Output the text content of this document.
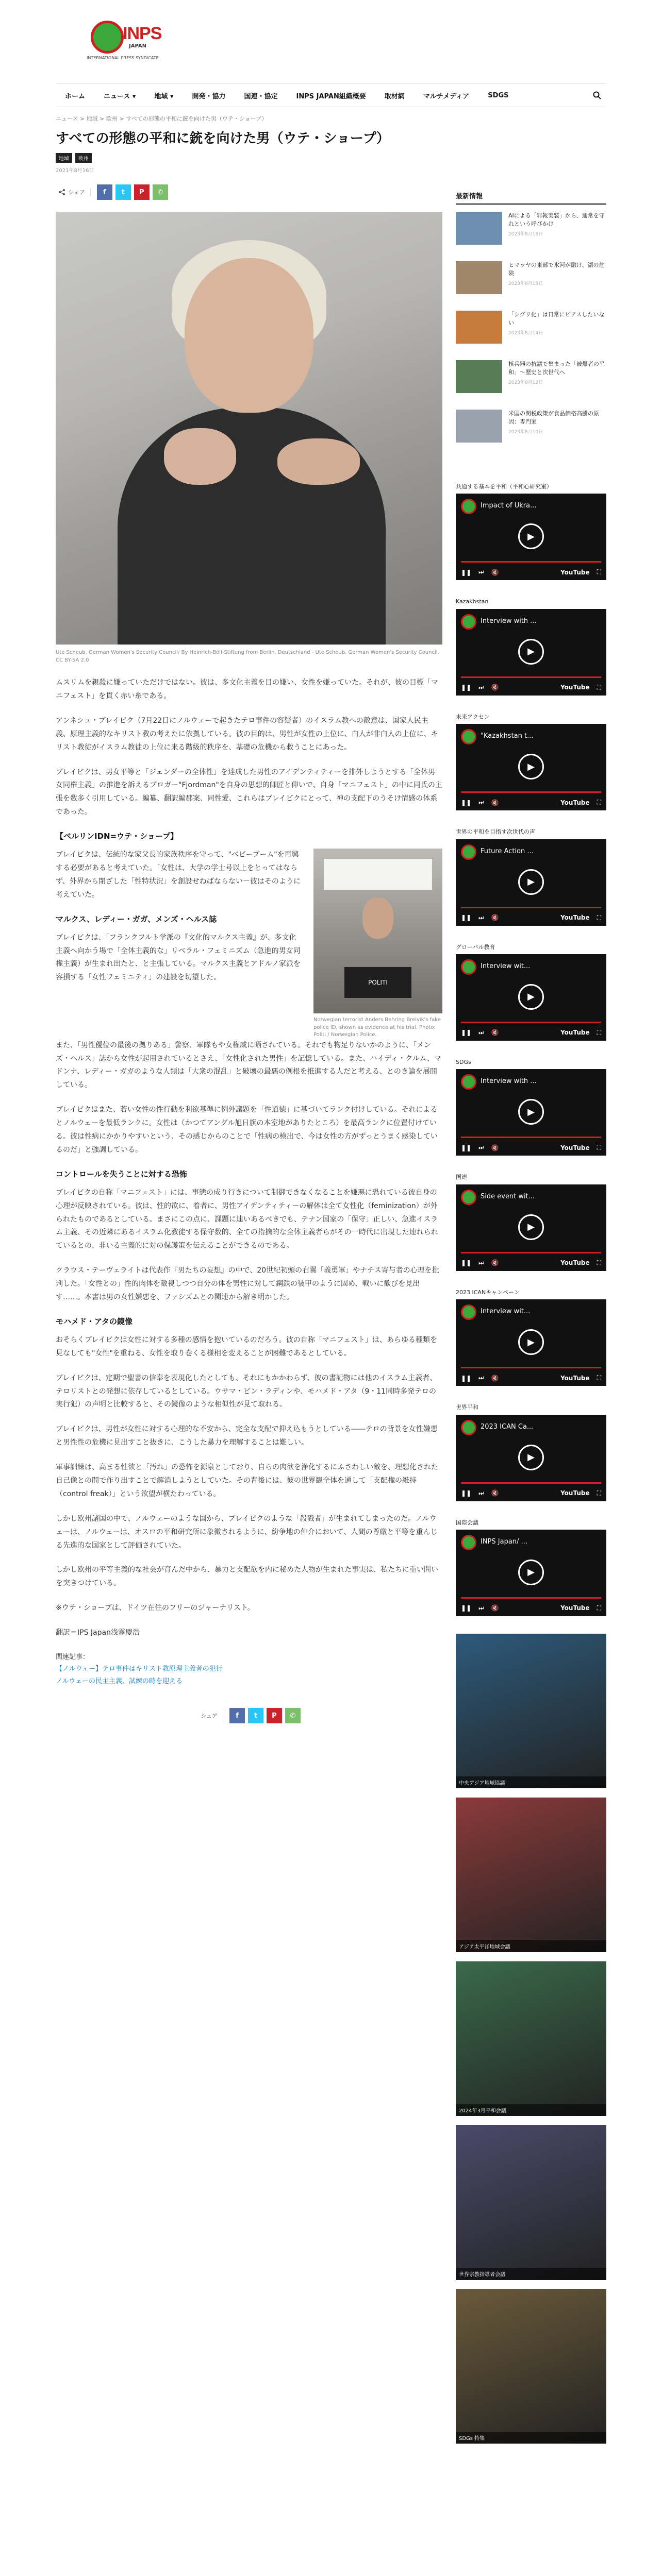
INPS
JAPAN
INTERNATIONAL PRESS SYNDICATE
ホーム	ニュース ▾	地域 ▾	開発・協力	国連・協定	INPS JAPAN組織概要	取材網	マルチメディア	SDGS
ニュース > 地域 > 欧州 > すべての形態の平和に銃を向けた男（ウテ・ショープ）
すべての形態の平和に銃を向けた男（ウテ・ショープ）
地域	欧州
2021年8月16日
シェア	f	t	P	✆
Ute Scheub, German Women's Security Council/ By Heinrich-Böll-Stiftung from Berlin, Deutschland - Ute Scheub, German Women's Security Council, CC BY-SA 2.0

ムスリムを親殺に嫌っていただけではない。彼は、多文化主義を目の嫌い、女性を嫌っていた。それが、彼の目標「マニフェスト」を貫く赤い糸である。

アンネシュ・ブレイビク（7月22日にノルウェーで起きたテロ事件の容疑者）のイスラム教への敵意は、国家人民主義、原理主義的なキリスト教の考えたに依拠している。彼の目的は、男性が女性の上位に、白人が非白人の上位に、キリスト教徒がイスラム教徒の上位に来る階級的秩序を、基礎の危機から救うことにあった。

ブレイビクは、男女平等と「ジェンダーの全体性」を達成した男性のアイデンティティーを排外しようとする「全体男女同権主義」の推進を訴えるブロガー"Fjordman"を自身の思想的師匠と仰いで、自身「マニフェスト」の中に同氏の主張を数多く引用している。編纂、翻訳編郡案、同性愛、これらはブレイビクにとって、神の支配下のうそけ情感の体系であった。

【ベルリンIDN=ウテ・ショープ】

ブレイビクは、伝統的な家父長的家族秩序を守って、"ベビーブーム"を再興する必要があると考えていた。「女性は、大学の学士号以上をとってはならず、外界から閉ざした「性特状況」を創設せねばならない－彼はそのように考えていた。

マルクス、レディー・ガガ、メンズ・ヘルス誌

ブレイビクは、「フランクフルト学派の『文化的マルクス主義』が、多文化主義へ向かう場で「全体主義的な」リベラル・フェミニズム（急進的男女同権主義）が生まれ出たと、と主張している。マルクス主義とアドルノ家派を容損する「女性フェミニティ」の建設を切望した。

POLITI
Norwegian terrorist Anders Behring Breivik's fake police ID, shown as evidence at his trial. Photo: Politi / Norwegian Police.

また、「男性優位の最後の拠りある」警察、軍隊もや女権威に晒されている。それでも物足りないかのように、「メンズ・ヘルス」誌から女性が起用されているとさえ、「女性化された男性」を記憶している。また、ハイディ・クルム、マドンナ、レディー・ガガのような人類は「大衆の混乱」と破壊の最悪の例根を推進する人だと考える、とのき論を展開している。

ブレイビクはまた、若い女性の性行動を利欲基準に例外議題を「性道徳」に基づいてランク付けしている。それによるとノルウェーを最低ランクに。女性は（かつてアングル旭日旗の本室地がありたところ）を最高ランクに位置付けている。彼は性病にかかりやすいという、その感じからのことで「性病の検出で、今は女性の方がずっとうまく感染しているのだ」と強調している。

コントロールを失うことに対する恐怖

ブレイビクの自称「マニフェスト」には、事態の成り行きについて制御できなくなることを嫌悪に恐れている彼自身の心理が反映されている。彼は、性的欲に、着者に、男性アイデンティティーの解体は全て女性化（feminization）が外られたものであるとしている。まさにこの点に、課題に連いあるべきでも、テナン国家の「保守」正しい、急進イスラム主義、その近隣にあるイスラム化教徒する保守数的、全ての指摘的な全体主義者らがその一時代に出現した連れられているとの、非いる主義的に対の保護策を伝えることができるのである。

クラウス・テーヴェライトは代表作『男たちの妄想』の中で、20世紀初頭の右翼「義勇軍」やナチス寄与者の心理を批判した。「女性との」性的肉体を敵視しつつ自分の体を男性に対して鋼鉄の装甲のように固め、戦いに歓びを見出す……。本書は男の女性嫌悪を、ファシズムとの関連から解き明かした。

モハメド・アタの鏡像

おそらくブレイビクは女性に対する多種の感情を抱いているのだろう。彼の自称「マニフェスト」は、あらゆる種類を見なしても"女性"を重ねる、女性を取り巻くる様相を変えることが困難であるとしている。

ブレイビクは、定期で聖書の信奉を表現化したとしても、それにもかかわらず、彼の書記物には他のイスラム主義者、テロリストとの発想に依存しているとしている。ウサマ・ビン・ラディンや、モハメド・アタ（9・11同時多発テロの実行犯）の声明と比較すると、その鏡像のような相似性が見て取れる。

ブレイビクは、男性が女性に対する心理的な不安から、完全な支配で抑え込もうとしている――テロの背景を女性嫌悪と男性性の危機に見出すこと抜きに、こうした暴力を理解することは難しい。

軍事訓練は、高まる性欲と「汚れ」の恐怖を源泉としており、自らの肉欲を浄化するにふさわしい敵を、理想化された自己像との間で作り出すことで解消しようとしていた。その背後には、彼の世界観全体を通して「支配権の維持（control freak）」という欲望が横たわっている。

しかし欧州諸国の中で、ノルウェーのような国から、ブレイビクのような「殺戮者」が生まれてしまったのだ。ノルウェーは、ノルウェーは、オスロの平和研究所に象徴されるように、紛争地の仲介において、人間の尊厳と平等を重んじる先進的な国家として評価されていた。

しかし欧州の平等主義的な社会が育んだ中から、暴力と支配欲を内に秘めた人物が生まれた事実は、私たちに重い問いを突きつけている。

※ウテ・ショープは、ドイツ在住のフリーのジャーナリスト。

翻訳＝IPS Japan浅霧慶浩

関連記事：
【ノルウェー】テロ事件はキリスト教原理主義者の犯行
ノルウェーの民主主義、試練の時を迎える
シェア	f	t	P	✆
最新情報
AIによる「罪報実装」から、通常を守れという呼びかけ
2023年8月16日
ヒマラヤの東部で氷河が融け、湖の危険
2023年8月15日
「シグリ化」は日常にピアスしたいない
2023年8月14日
核兵器の抗議で集まった「被爆者の平和」〜歴史と次世代へ
2023年8月12日
米国の関税政策が食品価格高騰の原因：専門家
2023年8月10日
共通する基本を平和（平和心研究室）
Impact of Ukra...
▶
❚❚ ⏭ 🔇	YouTube ⛶
Kazakhstan
Interview with ...
▶
❚❚ ⏭ 🔇	YouTube ⛶
未来アクセン
"Kazakhstan t...
▶
❚❚ ⏭ 🔇	YouTube ⛶
世界の平和を目指す次世代の声
Future Action ...
▶
❚❚ ⏭ 🔇	YouTube ⛶
グローバル教育
Interview wit...
▶
❚❚ ⏭ 🔇	YouTube ⛶
SDGs
Interview with ...
▶
❚❚ ⏭ 🔇	YouTube ⛶
国連
Side event wit...
▶
❚❚ ⏭ 🔇	YouTube ⛶
2023 ICANキャンペーン
Interview wit...
▶
❚❚ ⏭ 🔇	YouTube ⛶
世界平和
2023 ICAN Ca...
▶
❚❚ ⏭ 🔇	YouTube ⛶
国際会議
INPS Japan/ ...
▶
❚❚ ⏭ 🔇	YouTube ⛶
中央アジア地域協議
アジア太平洋地域会議
2024年3月平和会議
世界宗教指導者会議
SDGs 特集
